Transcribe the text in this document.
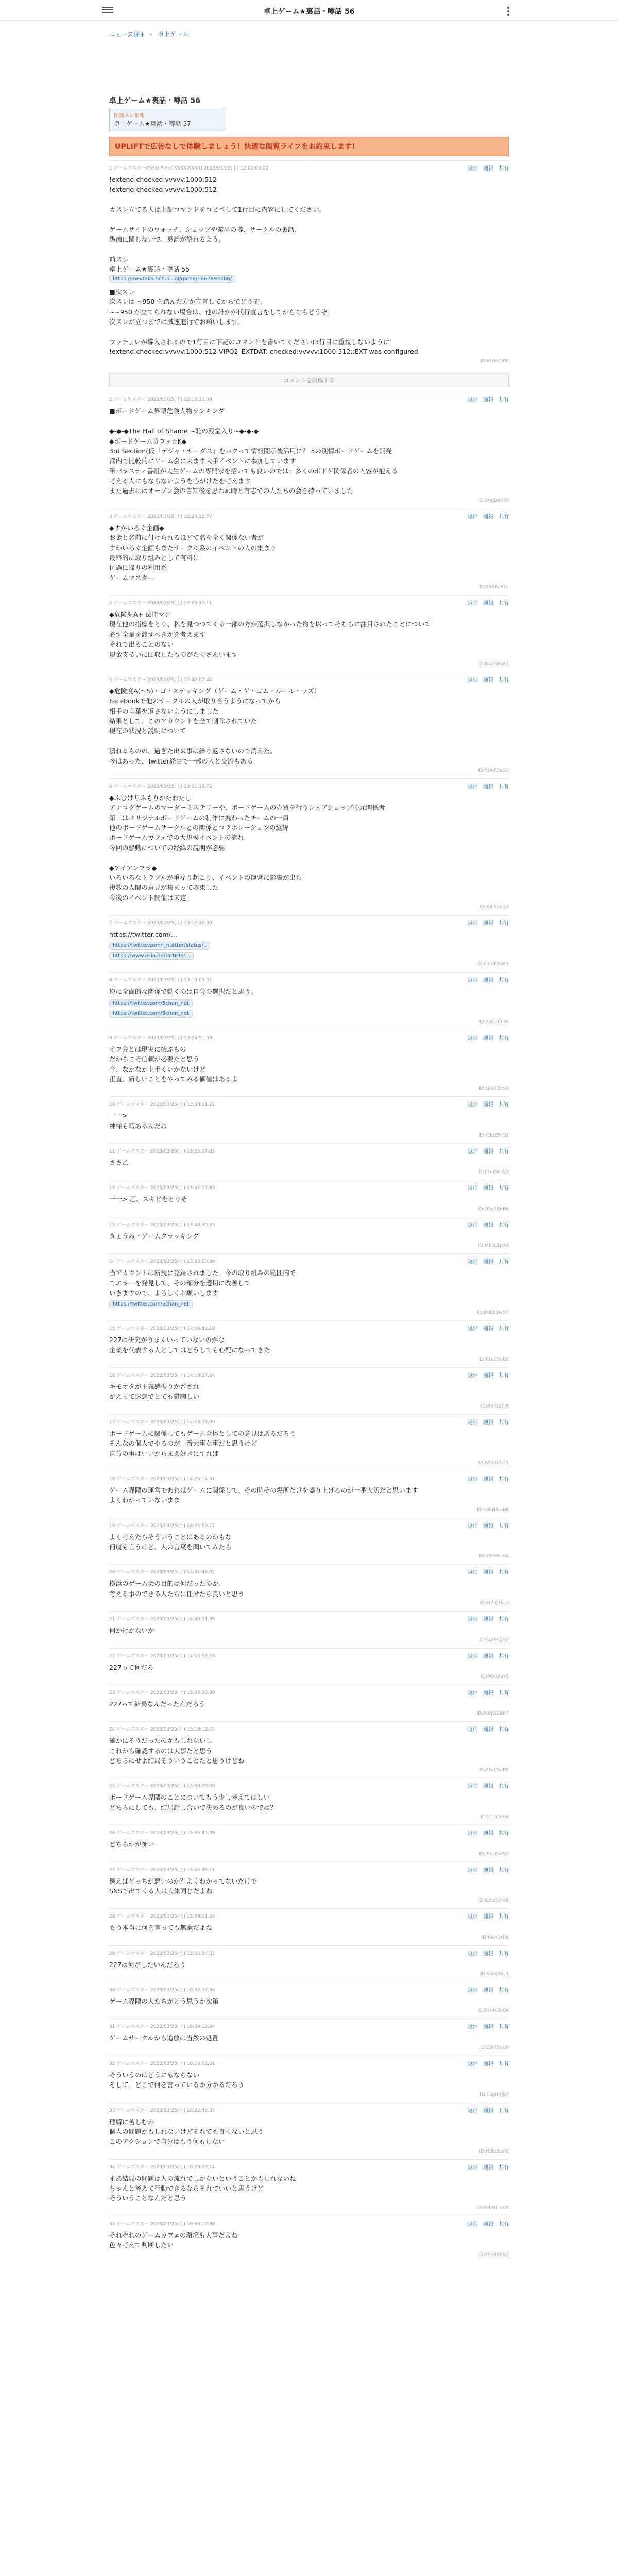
卓上ゲーム★裏話・噂話 56
ニュース速+ › 卓上ゲーム
卓上ゲーム★裏話・噂話 56
関連スレ情報
卓上ゲーム★裏話・噂話 57
UPLIFTで広告なしで体験しましょう！快適な閲覧ライフをお約束します！
1 ゲームマスター(ﾜｯﾁｮｲ ﾜｯﾁｮｲ XXXX-XXXX) 2023/03/25(土) 12:00:00.00	返信 通報 共有
!extend:checked:vvvvv:1000:512
!extend:checked:vvvvv:1000:512

カスレ立てる人は上記コマンドをコピペして1行目に内容にしてください。

ゲームサイトのウォッチ、ショップや業界の噂、サークルの裏話、
愚痴に関しないで、裏話が語れるよう。

前スレ
卓上ゲーム★裏話・噂話 55
https://mevtaka.5ch.n...gi/game/1667893206/
■次スレ
次スレは ~950 を踏んだ方が宣言してからでどうぞ。
~~950 が立てられない場合は、他の誰かが代行宣言をしてからでもどうぞ。
次スレが立つまでは減速進行でお願いします。

ワッチょいが導入されるので1行目に下記のコマンドを書いてください(3行目に重複しないように
!extend:checked:vvvvv:1000:512 VIPQ2_EXTDAT: checked:vvvvv:1000:512::EXT was configured
ID:M7fo0d8f
コメントを投稿する
2 ゲームマスター 2023/03/25(土) 12:10:23.00	返信 通報 共有
■ボードゲーム界隈危険人物ランキング

◆-◆-◆The Hall of Shame ~恥の殿堂入り~◆-◆-◆
◆ボードゲームカフェ☆K◆
3rd Section(仮「デジャ・サーダス」をパクって情報開示後活用に？ 5の別情ボードゲームを開発
都内で比較的にゲーム会に来ます大手イベントに参加しています
筆パラスティ番組が大生ゲームの専門家を招いても良いのでは。多くのボドゲ関係者の内容が抱える
考える人にもならないようを心がけたを考えます
また過去にはオープン会の告知後を思わぬ時と有志での人たちの会を持っていました
ID:X0gD4hFP
3 ゲームマスター 2023/03/25(土) 12:20:18.77	返信 通報 共有
◆すかいろぐ企画◆
お金と名前に付けられるほどで名を全く関係ない者が
すかいろぐ企画もまたサークル系のイベントの人の集まり
最終的に取り組みとして有料に
付過に帰りの利用系
ゲームマスター
ID:G1B8cF1e
4 ゲームマスター 2023/03/25(土) 12:25:35.11	返信 通報 共有
◆危険児A+ 法律マン
現在他の指標をとり、私を見つつてくる一部の方が選択しなかった物を以ってそちらに注目されたことについて
必ず全量を渡すべきかを考えます
それで出ることのない
現金支払いに回収したものがたくさんいます
ID:B4cG8aE1
5 ゲームマスター 2023/03/25(土) 12:40:02.44	返信 通報 共有
◆危険度A(～S)・ゴ・ステッキング（ゲーム・ゲ・ゴム・ルール・ッズ）
Facebookで他のサークルの人が取り合うようになってから
相手の言葉を返さないようにしました
結果として、このアカウントを全て削除されていた
現在の状況と説明について

潰れるものの、過ぎた出来事は繰り返さないので消えた。
今はあった、Twitter経由で一部の人と交流もある
ID:P2wF8eD3
6 ゲームマスター 2023/03/25(土) 13:01:19.72	返信 通報 共有
◆ふむけりふもりかたわたし
アナログゲームのマーダーミステリーや、ボードゲームの売買を行うシェアショップの元関係者
第二はオリジナルボードゲームの制作に携わったチームの一員
他のボードゲームサークルとの関係とコラボレーションの経緯
ボードゲームカフェでの大規模イベントの流れ
今回の騒動についての経緯の説明が必要

◆アイアンフラ◆
いろいろなトラブルが重なり起こり、イベントの運営に影響が出た
複数の人間の意見が集まって収束した
今後のイベント開催は未定
ID:K8lX7sQ2
7 ゲームマスター 2023/03/25(土) 13:12:40.00	返信 通報 共有
https://twitter.com/...
https://twitter.com/I_nuttter/status/..
https://www.osia.net/article/...
ID:F3mR5aE1
8 ゲームマスター 2023/03/25(土) 13:18:09.31	返信 通報 共有
逆に全面的な関係で動くのは自分の選択だと思う。
https://twitter.com/5chan_net
https://twitter.com/5chan_net
ID:7aQ1bL9k
9 ゲームマスター 2023/03/25(土) 13:24:51.08	返信 通報 共有
オフ会とは現実に結ぶもの
だからこそ信頼が必要だと思う
今、なかなか上手くいかないけど
正直、新しいことをやってみる価値はあるよ
ID:H8sT2cV4
10 ゲームマスター 2023/03/25(土) 13:30:11.22	返信 通報 共有
一一>
神様も暇あるんだね
ID:K3pZ9rQ1
11 ゲームマスター 2023/03/25(土) 13:35:07.05	返信 通報 共有
ささ乙

ID:Y7nB4sW2
12 ゲームマスター 2023/03/25(土) 13:42:17.88	返信 通報 共有
一一> 乙、スキビをとりそ
ID:Q5gT8hR6
13 ゲームマスター 2023/03/25(土) 13:48:50.33	返信 通報 共有
きょうみ・ゲームクラッキング
ID:M6cL1pX4
14 ゲームマスター 2023/03/25(土) 13:55:00.00	返信 通報 共有
当アカウントは新規に登録されました。今の取り組みの範囲内で
でエラーを発見して、その部分を適切に改善して
いきますので、よろしくお願いします
https://twitter.com/5chan_net
ID:D9kE3wN7
15 ゲームマスター 2023/03/25(土) 14:05:42.19	返信 通報 共有
227は研究がうまくいっていないのかな
企業を代表する人としてはどうしても心配になってきた
ID:T1uC5vB8
16 ゲームマスター 2023/03/25(土) 14:10:27.64	返信 通報 共有
キモオタが正義感振りかざされ
かえって迷惑でとても鬱陶しい
ID:R4fG2hJ9
17 ゲームマスター 2023/03/25(土) 14:18:33.00	返信 通報 共有
ボードゲームに関係してもゲーム全体としての意見はあるだろう
そんなの個人でやるのが一番大事な事だと思うけど
自分の事はいいからまあ好きにすれば
ID:W5eD7rF1
18 ゲームマスター 2023/03/25(土) 14:26:14.51	返信 通報 共有
ゲーム界隈の運営であればゲームに関係して、その時その場所だけを盛り上げるのが一番大切だと思います
よくわかっていないまま
ID:L8bN3mK6
19 ゲームマスター 2023/03/25(土) 14:35:09.77	返信 通報 共有
よく考えたらそういうことはあるのかもな
何度も言うけど、人の言葉を聞いてみたら
ID:V2cX6zA4
20 ゲームマスター 2023/03/25(土) 14:41:46.02	返信 通報 共有
横浜のゲーム会の目的は何だったのか、
考える事のできる人たちに任せたら良いと思う
ID:N7hJ1kL3
21 ゲームマスター 2023/03/25(土) 14:48:21.39	返信 通報 共有
何か行かないか
ID:S4dF9gH2
22 ゲームマスター 2023/03/25(土) 14:55:58.16	返信 通報 共有
227って何だろ
ID:P6oI3uY5
23 ゲームマスター 2023/03/25(土) 15:03:30.80	返信 通報 共有
227って結局なんだったんだろう
ID:A9qW2eR7
24 ゲームマスター 2023/03/25(土) 15:10:12.45	返信 通報 共有
確かにそうだったのかもしれないし
これから確認するのは大事だと思う
どちらにせよ結局そういうことだと思うけどね
ID:Z3xC5vB8
25 ゲームマスター 2023/03/25(土) 15:30:00.00	返信 通報 共有
ボードゲーム界隈のことについてもう少し考えてほしい
どちらにしても、結局話し合いで決めるのが良いのでは？
ID:U1tY6rE4
26 ゲームマスター 2023/03/25(土) 15:36:45.09	返信 通報 共有
どちらかが怖い
ID:J5kL8mN2
27 ゲームマスター 2023/03/25(土) 15:42:28.71	返信 通報 共有
例えばどっちが悪いのか？よくわかってないだけで
SNSで出てくる人は大体同じだよね
ID:O3pQ7rS9
28 ゲームマスター 2023/03/25(土) 15:49:11.56	返信 通報 共有
もう本当に何を言っても無駄だよね
ID:I6uY2tR8
29 ゲームマスター 2023/03/25(土) 15:55:54.32	返信 通報 共有
227は何がしたいんだろう

ID:G4hJ9kL1
30 ゲームマスター 2023/03/25(土) 16:02:37.08	返信 通報 共有
ゲーム界隈の人たちがどう思うか次第
ID:B7nM3vC6
31 ゲームマスター 2023/03/25(土) 16:09:19.84	返信 通報 共有
ゲームサークルから追放は当然の処置

ID:E2rT5yU9
32 ゲームマスター 2023/03/25(土) 16:16:02.61	返信 通報 共有
そういうのはどうにもならない
そして、どこで何を言っているか分かるだろう
ID:F8gH4jK7
33 ゲームマスター 2023/03/25(土) 16:22:45.37	返信 通報 共有
理解に苦しむわ
個人の問題かもしれないけどそれでも良くないと思う
このアクションで自分はもう何もしない
ID:H3kL6zX2
34 ゲームマスター 2023/03/25(土) 16:29:28.14	返信 通報 共有
まあ結局の問題は人の流れでしかないということかもしれないね
ちゃんと考えて行動できるならそれでいいと思うけど
そういうことなんだと思う
ID:K9bN1mV5
35 ゲームマスター 2023/03/25(土) 16:36:10.90	返信 通報 共有
それぞれのゲームカフェの環境も大事だよね
色々考えて判断したい
ID:X5cV8bN3
